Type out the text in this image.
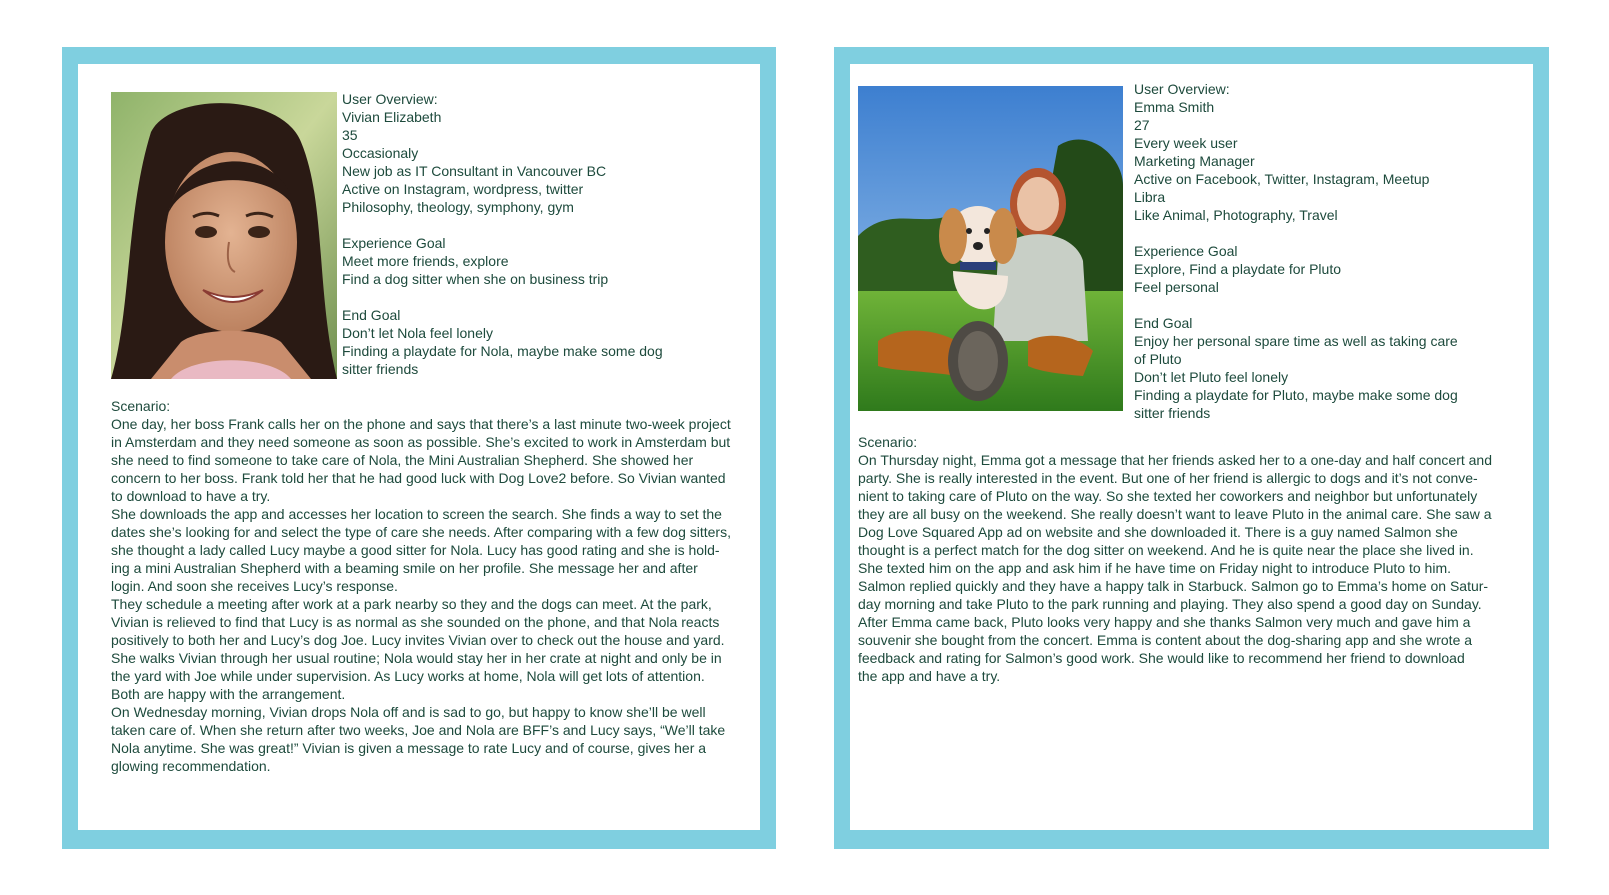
User Overview:
Vivian Elizabeth
35
Occasionaly
New job as IT Consultant in Vancouver BC
Active on Instagram, wordpress, twitter
Philosophy, theology, symphony, gym
Experience Goal
Meet more friends, explore
Find a dog sitter when she on business trip
End Goal
Don’t let Nola feel lonely
Finding a playdate for Nola, maybe make some dog
sitter friends
Scenario:
One day, her boss Frank calls her on the phone and says that there’s a last minute two-week project
in Amsterdam and they need someone as soon as possible. She’s excited to work in Amsterdam but
she need to find someone to take care of Nola, the Mini Australian Shepherd. She showed her
concern to her boss. Frank told her that he had good luck with Dog Love2 before. So Vivian wanted
to download to have a try.
She downloads the app and accesses her location to screen the search. She finds a way to set the
dates she’s looking for and select the type of care she needs. After comparing with a few dog sitters,
she thought a lady called Lucy maybe a good sitter for Nola. Lucy has good rating and she is hold-
ing a mini Australian Shepherd with a beaming smile on her profile. She message her and after
login. And soon she receives Lucy’s response.
They schedule a meeting after work at a park nearby so they and the dogs can meet. At the park,
Vivian is relieved to find that Lucy is as normal as she sounded on the phone, and that Nola reacts
positively to both her and Lucy’s dog Joe. Lucy invites Vivian over to check out the house and yard.
She walks Vivian through her usual routine; Nola would stay her in her crate at night and only be in
the yard with Joe while under supervision. As Lucy works at home, Nola will get lots of attention.
Both are happy with the arrangement.
On Wednesday morning, Vivian drops Nola off and is sad to go, but happy to know she’ll be well
taken care of. When she return after two weeks, Joe and Nola are BFF’s and Lucy says, “We’ll take
Nola anytime. She was great!” Vivian is given a message to rate Lucy and of course, gives her a
glowing recommendation.
User Overview:
Emma Smith
27
Every week user
Marketing Manager
Active on Facebook, Twitter, Instagram, Meetup
Libra
Like Animal, Photography, Travel
Experience Goal
Explore, Find a playdate for Pluto
Feel personal
End Goal
Enjoy her personal spare time as well as taking care
of Pluto
Don’t let Pluto feel lonely
Finding a playdate for Pluto, maybe make some dog
sitter friends
Scenario:
On Thursday night, Emma got a message that her friends asked her to a one-day and half concert and
party. She is really interested in the event. But one of her friend is allergic to dogs and it’s not conve-
nient to taking care of Pluto on the way. So she texted her coworkers and neighbor but unfortunately
they are all busy on the weekend. She really doesn’t want to leave Pluto in the animal care. She saw a
Dog Love Squared App ad on website and she downloaded it. There is a guy named Salmon she
thought is a perfect match for the dog sitter on weekend. And he is quite near the place she lived in.
She texted him on the app and ask him if he have time on Friday night to introduce Pluto to him.
Salmon replied quickly and they have a happy talk in Starbuck. Salmon go to Emma’s home on Satur-
day morning and take Pluto to the park running and playing. They also spend a good day on Sunday.
After Emma came back, Pluto looks very happy and she thanks Salmon very much and gave him a
souvenir she bought from the concert. Emma is content about the dog-sharing app and she wrote a
feedback and rating for Salmon’s good work. She would like to recommend her friend to download
the app and have a try.
